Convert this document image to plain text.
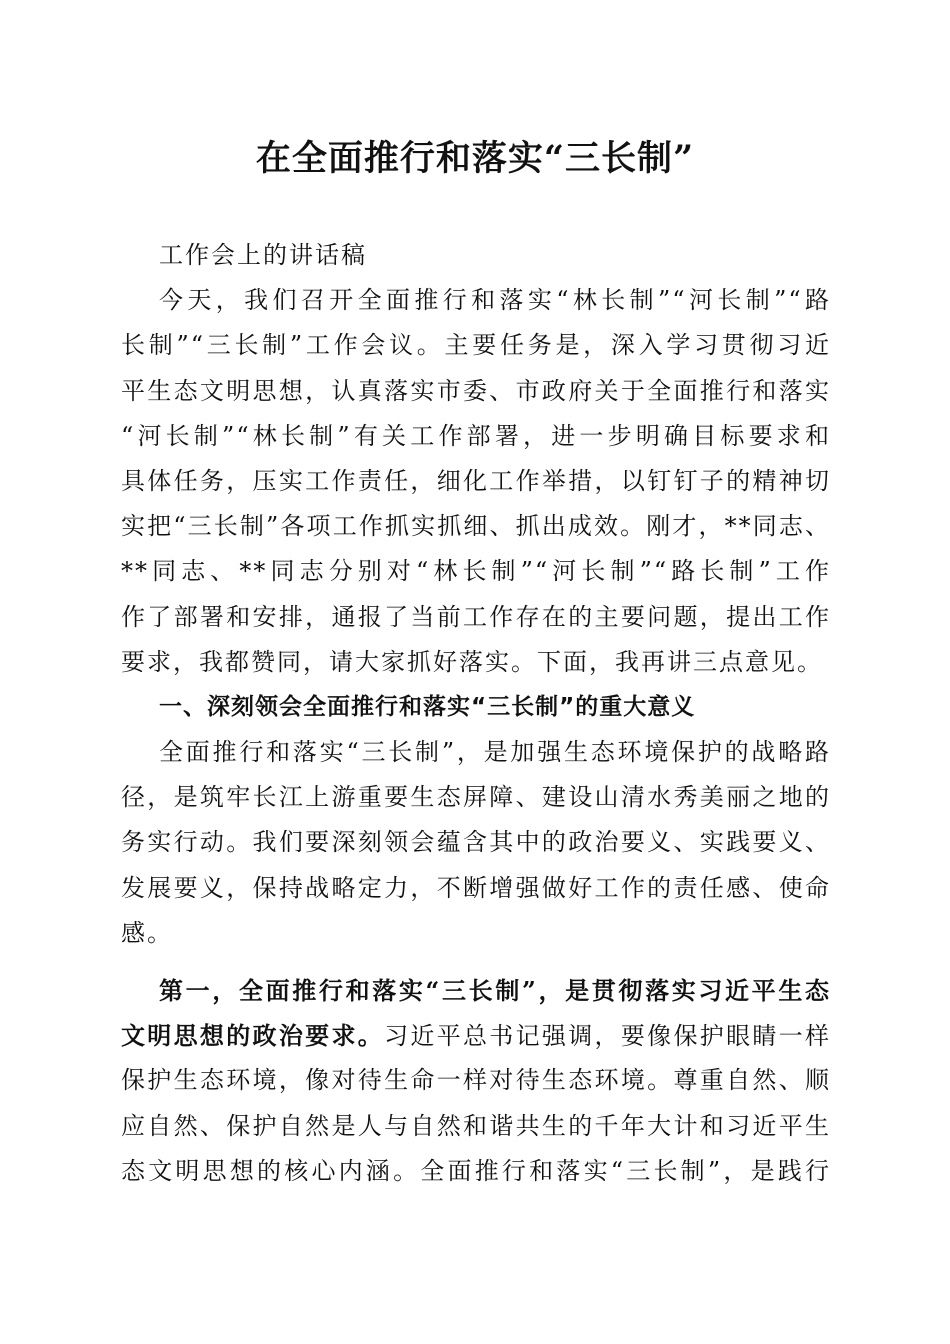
在全面推行和落实“三长制”
工作会上的讲话稿
今天，我们召开全面推行和落实“林长制”“河长制”“路
长制”“三长制”工作会议。主要任务是，深入学习贯彻习近
平生态文明思想，认真落实市委、市政府关于全面推行和落实
“河长制”“林长制”有关工作部署，进一步明确目标要求和
具体任务，压实工作责任，细化工作举措，以钉钉子的精神切
实把“三长制”各项工作抓实抓细、抓出成效。刚才，**同志、
**同志、**同志分别对“林长制”“河长制”“路长制”工作
作了部署和安排，通报了当前工作存在的主要问题，提出工作
要求，我都赞同，请大家抓好落实。下面，我再讲三点意见。
一、深刻领会全面推行和落实“三长制”的重大意义
全面推行和落实“三长制”，是加强生态环境保护的战略路
径，是筑牢长江上游重要生态屏障、建设山清水秀美丽之地的
务实行动。我们要深刻领会蕴含其中的政治要义、实践要义、
发展要义，保持战略定力，不断增强做好工作的责任感、使命
感。
第一，全面推行和落实“三长制”，是贯彻落实习近平生态
文明思想的政治要求。习近平总书记强调，要像保护眼睛一样
保护生态环境，像对待生命一样对待生态环境。尊重自然、顺
应自然、保护自然是人与自然和谐共生的千年大计和习近平生
态文明思想的核心内涵。全面推行和落实“三长制”，是践行
